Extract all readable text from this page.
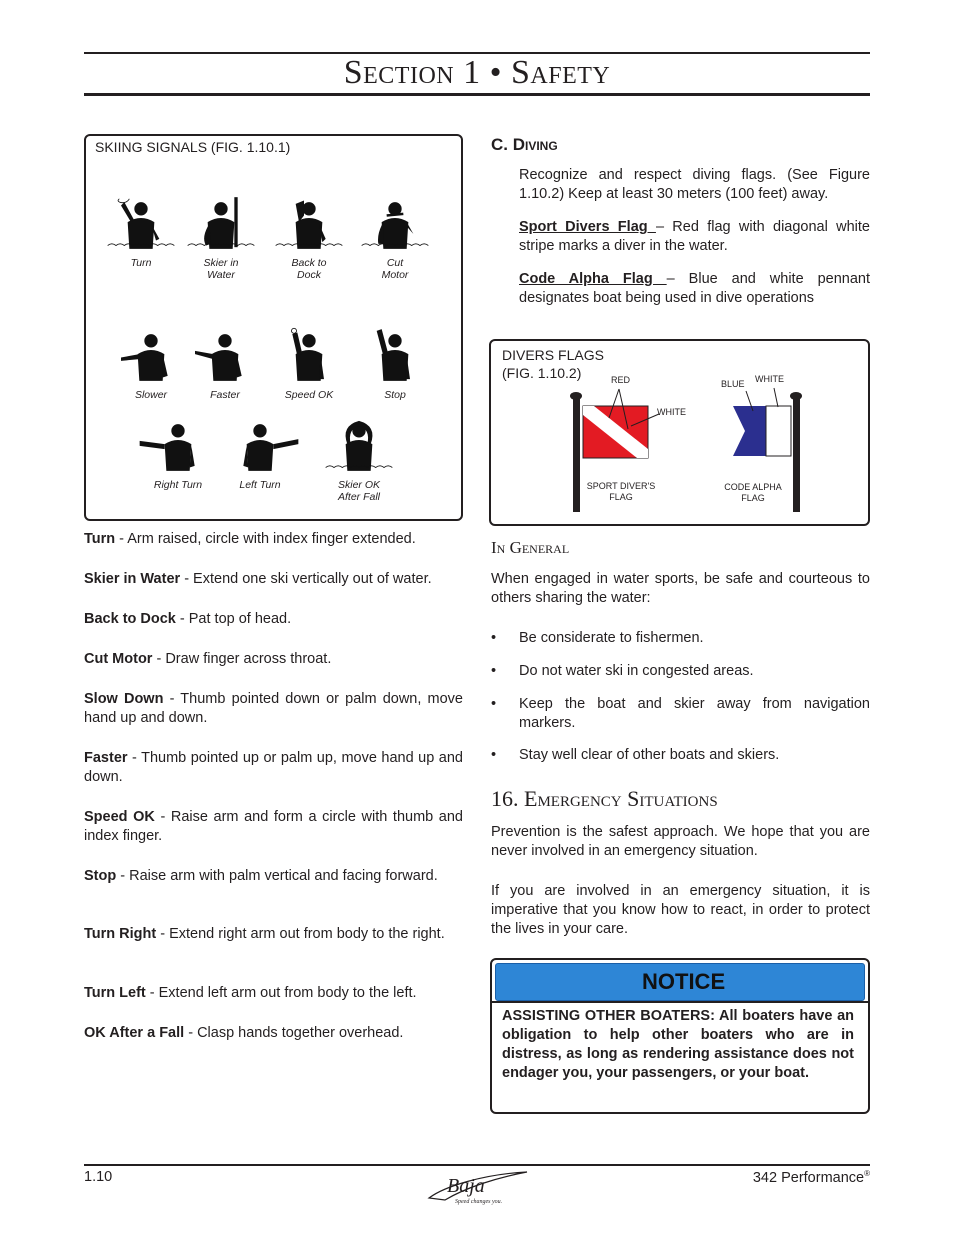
Section 1 • Safety
SKIING SIGNALS (FIG. 1.10.1)
Turn	Skier in
Water
Back to
Dock
Cut
Motor
Slower	Faster	Speed OK	Stop
Right Turn	Left Turn	Skier OK
After Fall
Turn - Arm raised, circle with index finger extended.
Skier in Water - Extend one ski vertically out of water.
Back to Dock - Pat top of head.
Cut Motor - Draw finger across throat.
Slow Down - Thumb pointed down or palm down, move hand up and down.
Faster - Thumb pointed up or palm up, move hand up and down.
Speed OK - Raise arm and form a circle with thumb and index finger.
Stop - Raise arm with palm vertical and facing forward.
Turn Right - Extend right arm out from body to the right.
Turn Left - Extend left arm out from body to the left.
OK After a Fall - Clasp hands together overhead.
C. Diving
Recognize and respect diving flags. (See Figure 1.10.2) Keep at least 30 meters (100 feet) away.
Sport Divers Flag – Red flag with diagonal white stripe marks a diver in the water.
Code Alpha Flag – Blue and white pennant designates boat being used in dive operations
DIVERS FLAGS
(FIG. 1.10.2)	RED
WHITE
SPORT DIVER'S
FLAG
BLUE WHITE
CODE ALPHA
FLAG
In General
When engaged in water sports, be safe and courteous to others sharing the water:
• Be considerate to fishermen.
• Do not water ski in congested areas.
• Keep the boat and skier away from navigation markers.
• Stay well clear of other boats and skiers.
16. Emergency Situations
Prevention is the safest approach. We hope that you are never involved in an emergency situation.
If you are involved in an emergency situation, it is imperative that you know how to react, in order to protect the lives in your care.
NOTICE
ASSISTING OTHER BOATERS: All boaters have an obligation to help other boaters who are in distress, as long as rendering assistance does not endager you, your passengers, or your boat.
1.10	Baja
Speed changes you.
342 Performance®
